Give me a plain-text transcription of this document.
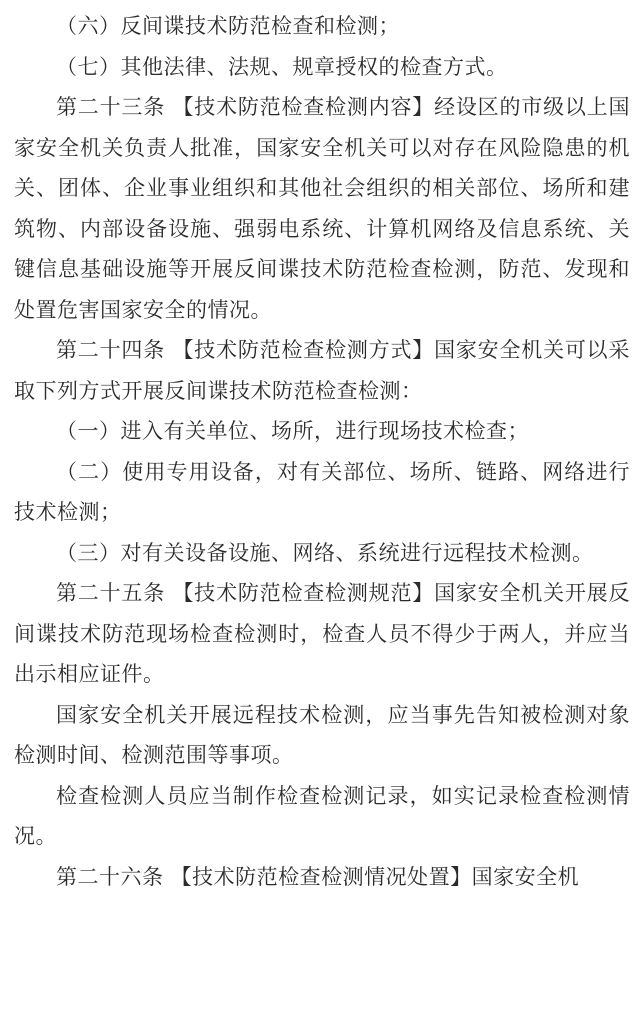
（六）反间谍技术防范检查和检测；

（七）其他法律、法规、规章授权的检查方式。

第二十三条 【技术防范检查检测内容】经设区的市级以上国家安全机关负责人批准，国家安全机关可以对存在风险隐患的机关、团体、企业事业组织和其他社会组织的相关部位、场所和建筑物、内部设备设施、强弱电系统、计算机网络及信息系统、关键信息基础设施等开展反间谍技术防范检查检测，防范、发现和处置危害国家安全的情况。

第二十四条 【技术防范检查检测方式】国家安全机关可以采取下列方式开展反间谍技术防范检查检测：

（一）进入有关单位、场所，进行现场技术检查；

（二）使用专用设备，对有关部位、场所、链路、网络进行技术检测；

（三）对有关设备设施、网络、系统进行远程技术检测。

第二十五条 【技术防范检查检测规范】国家安全机关开展反间谍技术防范现场检查检测时，检查人员不得少于两人，并应当出示相应证件。

国家安全机关开展远程技术检测，应当事先告知被检测对象检测时间、检测范围等事项。

检查检测人员应当制作检查检测记录，如实记录检查检测情况。

第二十六条 【技术防范检查检测情况处置】国家安全机
